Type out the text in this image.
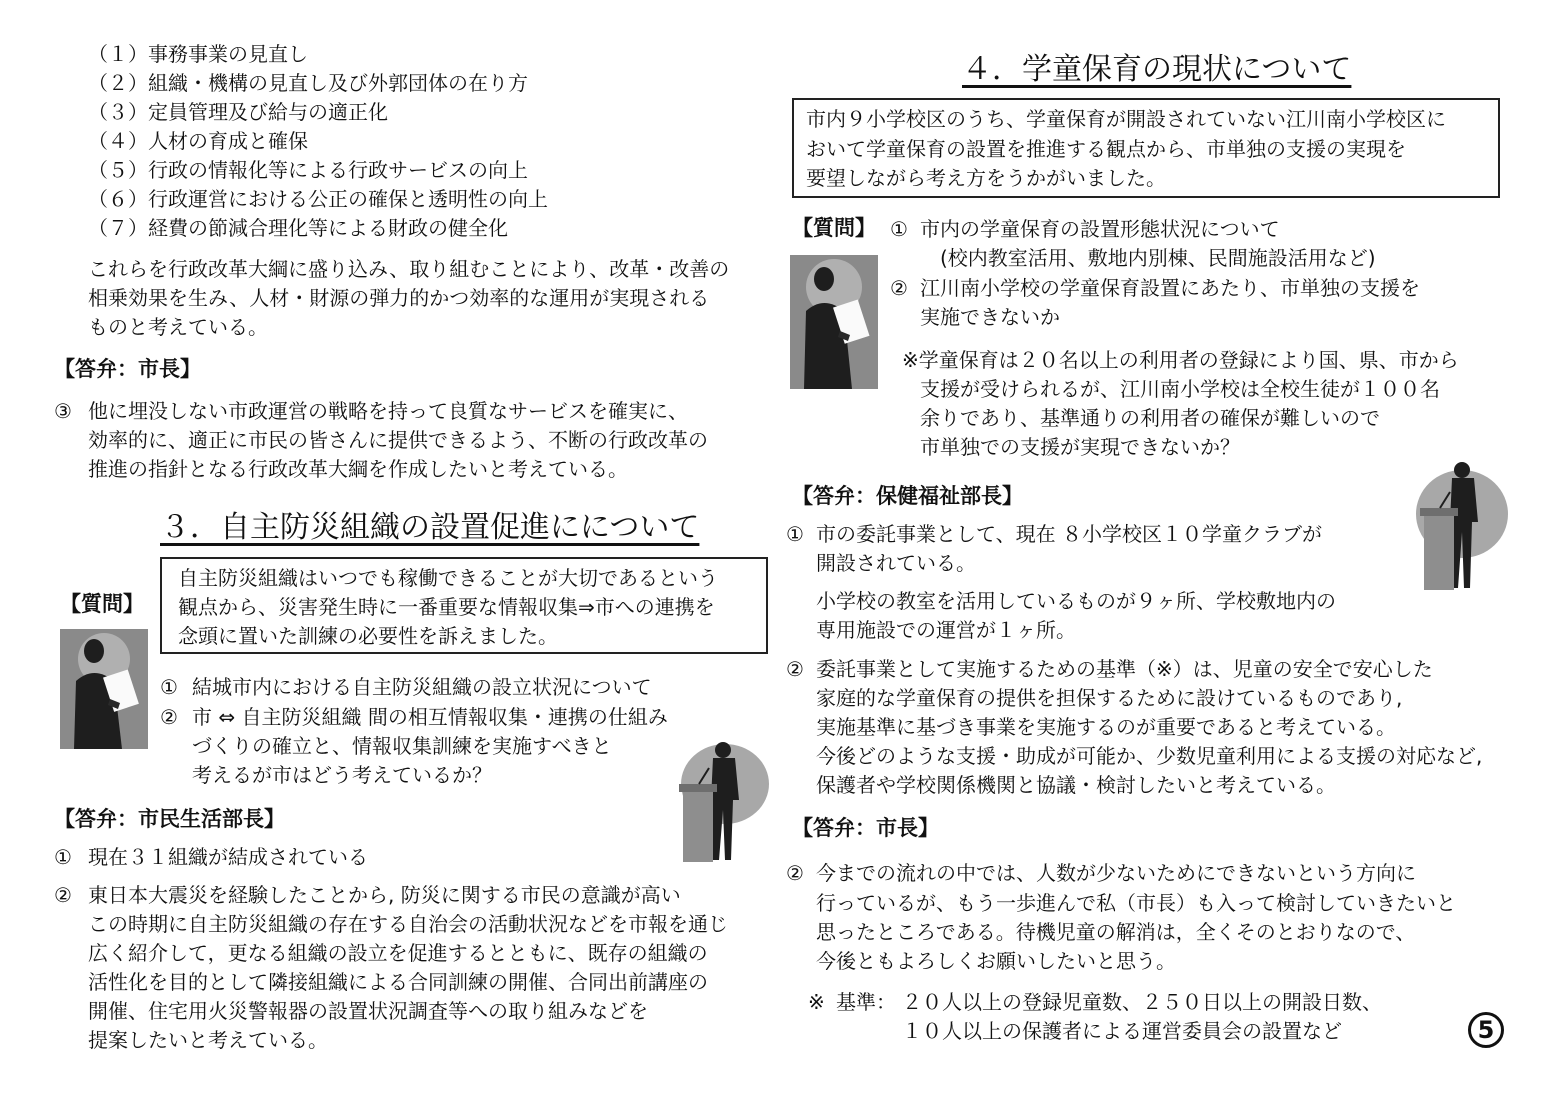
（１）事務事業の見直し
（２）組織・機構の見直し及び外郭団体の在り方
（３）定員管理及び給与の適正化
（４）人材の育成と確保
（５）行政の情報化等による行政サービスの向上
（６）行政運営における公正の確保と透明性の向上
（７）経費の節減合理化等による財政の健全化
これらを行政改革大綱に盛り込み、取り組むことにより、改革・改善の
相乗効果を生み、人材・財源の弾力的かつ効率的な運用が実現される
ものと考えている。
【答弁：市長】
③ 他に埋没しない市政運営の戦略を持って良質なサービスを確実に、
効率的に、適正に市民の皆さんに提供できるよう、不断の行政改革の
推進の指針となる行政改革大綱を作成したいと考えている。
３．自主防災組織の設置促進にについて
自主防災組織はいつでも稼働できることが大切であるという
観点から、災害発生時に一番重要な情報収集⇒市への連携を
念頭に置いた訓練の必要性を訴えました。
【質問】
① 結城市内における自主防災組織の設立状況について
② 市 ⇔ 自主防災組織 間の相互情報収集・連携の仕組み
づくりの確立と、情報収集訓練を実施すべきと
考えるが市はどう考えているか？
【答弁：市民生活部長】
① 現在３１組織が結成されている
② 東日本大震災を経験したことから, 防災に関する市民の意識が高い
この時期に自主防災組織の存在する自治会の活動状況などを市報を通じ
広く紹介して，更なる組織の設立を促進するとともに、既存の組織の
活性化を目的として隣接組織による合同訓練の開催、合同出前講座の
開催、住宅用火災警報器の設置状況調査等への取り組みなどを
提案したいと考えている。
４．学童保育の現状について
市内９小学校区のうち、学童保育が開設されていない江川南小学校区に
おいて学童保育の設置を推進する観点から、市単独の支援の実現を
要望しながら考え方をうかがいました。
【質問】 ① 市内の学童保育の設置形態状況について
　(校内教室活用、敷地内別棟、民間施設活用など)
② 江川南小学校の学童保育設置にあたり、市単独の支援を
実施できないか
※学童保育は２０名以上の利用者の登録により国、県、市から
支援が受けられるが、江川南小学校は全校生徒が１００名
余りであり、基準通りの利用者の確保が難しいので
市単独での支援が実現できないか？
【答弁：保健福祉部長】
① 市の委託事業として、現在 ８小学校区１０学童クラブが
開設されている。
小学校の教室を活用しているものが９ヶ所、学校敷地内の
専用施設での運営が１ヶ所。
② 委託事業として実施するための基準（※）は、児童の安全で安心した
家庭的な学童保育の提供を担保するために設けているものであり,
実施基準に基づき事業を実施するのが重要であると考えている。
今後どのような支援・助成が可能か、少数児童利用による支援の対応など,
保護者や学校関係機関と協議・検討したいと考えている。
【答弁：市長】
② 今までの流れの中では、人数が少ないためにできないという方向に
行っているが、もう一歩進んで私（市長）も入って検討していきたいと
思ったところである。待機児童の解消は，全くそのとおりなので、
今後ともよろしくお願いしたいと思う。
※ 基準： ２０人以上の登録児童数、２５０日以上の開設日数、
１０人以上の保護者による運営委員会の設置など	5
